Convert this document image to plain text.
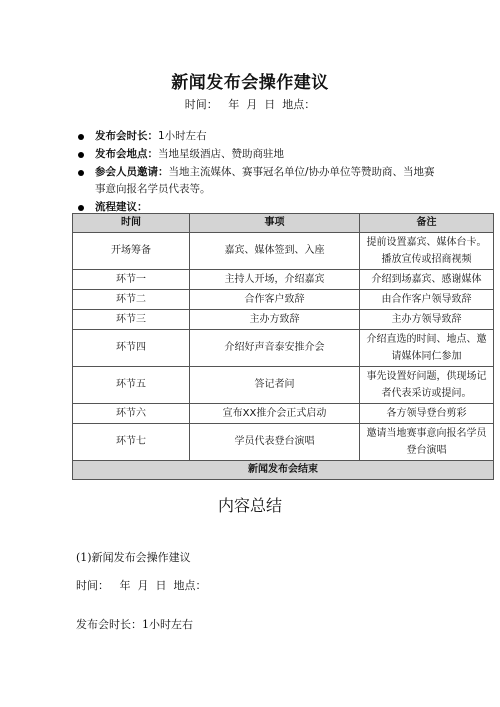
新闻发布会操作建议
时间：   年  月  日  地点：
发布会时长：1小时左右
发布会地点：当地星级酒店、赞助商驻地
参会人员邀请：当地主流媒体、赛事冠名单位/协办单位等赞助商、当地赛事意向报名学员代表等。
流程建议：
时间	事项	备注
开场筹备	嘉宾、媒体签到、入座	提前设置嘉宾、媒体台卡。播放宣传或招商视频
环节一	主持人开场，介绍嘉宾	介绍到场嘉宾、感谢媒体
环节二	合作客户致辞	由合作客户领导致辞
环节三	主办方致辞	主办方领导致辞
环节四	介绍好声音泰安推介会	介绍直选的时间、地点、邀请媒体同仁参加
环节五	答记者问	事先设置好问题，供现场记者代表采访或提问。
环节六	宣布XX推介会正式启动	各方领导登台剪彩
环节七	学员代表登台演唱	邀请当地赛事意向报名学员登台演唱
新闻发布会结束		
内容总结
(1)新闻发布会操作建议
时间：   年  月  日  地点：
发布会时长：1小时左右
